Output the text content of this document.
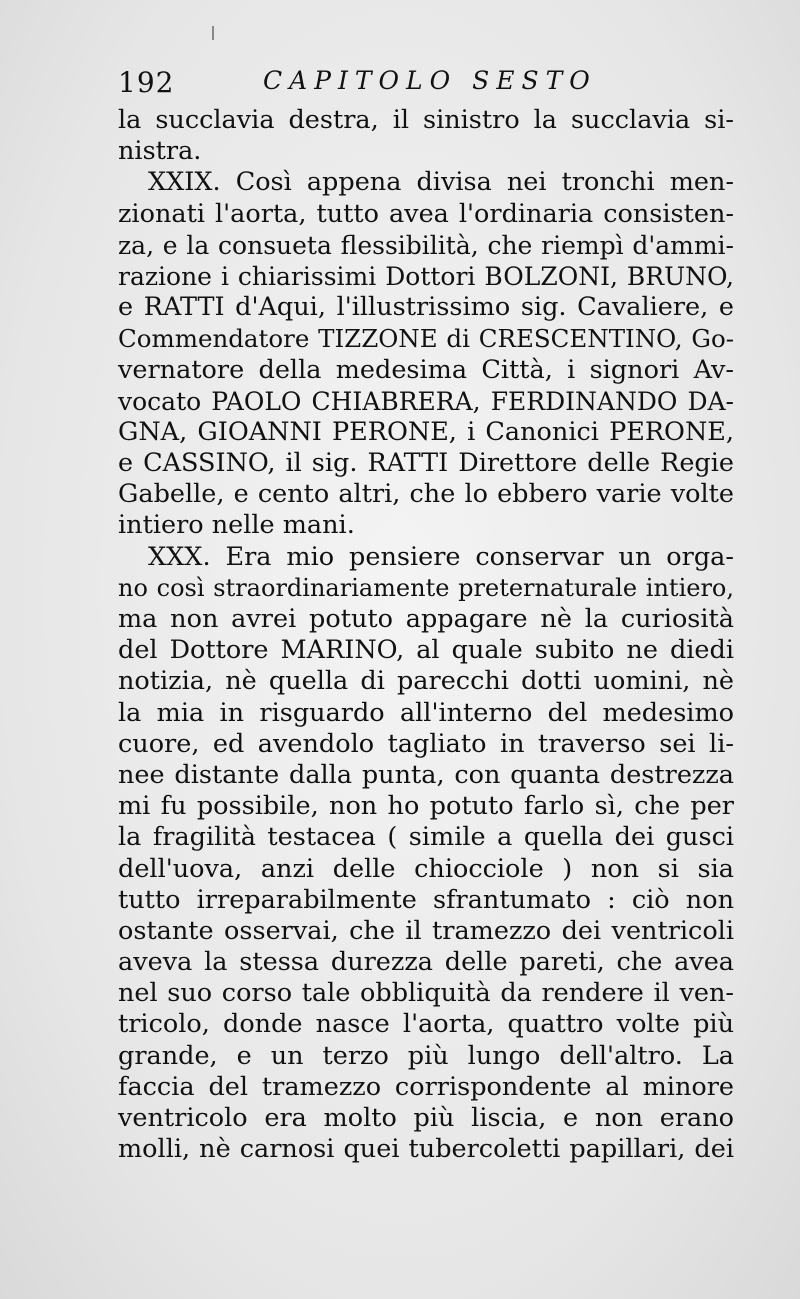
192	CAPITOLO SESTO
la succlavia destra, il sinistro la succlavia si-
nistra.
XXIX. Così appena divisa nei tronchi men-
zionati l'aorta, tutto avea l'ordinaria consisten-
za, e la consueta flessibilità, che riempì d'ammi-
razione i chiarissimi Dottori BOLZONI, BRUNO,
e RATTI d'Aqui, l'illustrissimo sig. Cavaliere, e
Commendatore TIZZONE di CRESCENTINO, Go-
vernatore della medesima Città, i signori Av-
vocato PAOLO CHIABRERA, FERDINANDO DA-
GNA, GIOANNI PERONE, i Canonici PERONE,
e CASSINO, il sig. RATTI Direttore delle Regie
Gabelle, e cento altri, che lo ebbero varie volte
intiero nelle mani.
XXX. Era mio pensiere conservar un orga-
no così straordinariamente preternaturale intiero,
ma non avrei potuto appagare nè la curiosità
del Dottore MARINO, al quale subito ne diedi
notizia, nè quella di parecchi dotti uomini, nè
la mia in risguardo all'interno del medesimo
cuore, ed avendolo tagliato in traverso sei li-
nee distante dalla punta, con quanta destrezza
mi fu possibile, non ho potuto farlo sì, che per
la fragilità testacea ( simile a quella dei gusci
dell'uova, anzi delle chiocciole ) non si sia
tutto irreparabilmente sfrantumato : ciò non
ostante osservai, che il tramezzo dei ventricoli
aveva la stessa durezza delle pareti, che avea
nel suo corso tale obbliquità da rendere il ven-
tricolo, donde nasce l'aorta, quattro volte più
grande, e un terzo più lungo dell'altro. La
faccia del tramezzo corrispondente al minore
ventricolo era molto più liscia, e non erano
molli, nè carnosi quei tubercoletti papillari, dei
